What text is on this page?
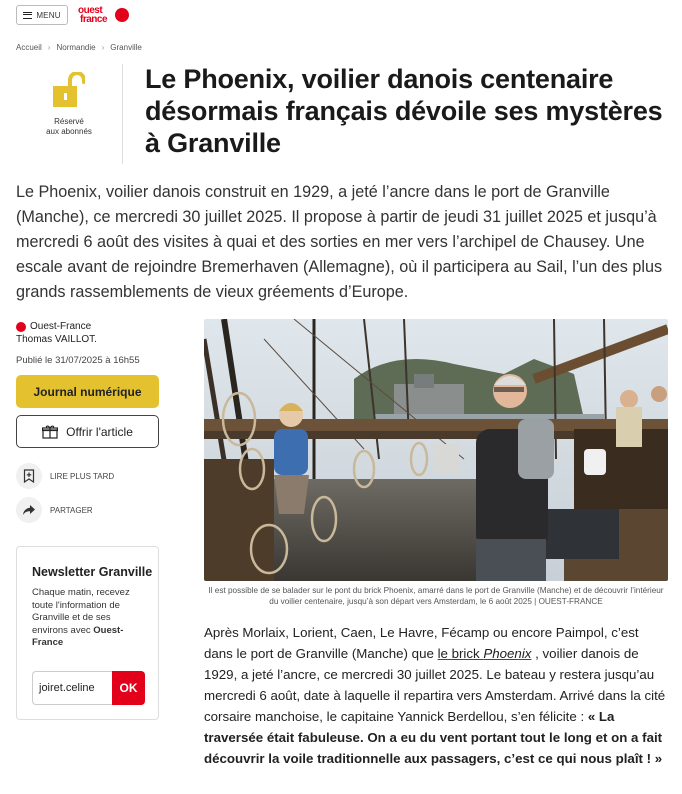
MENU ouest
france
Accueil › Normandie › Granville
Réservé
aux abonnés
Le Phoenix, voilier danois centenaire désormais français dévoile ses mystères à Granville

Le Phoenix, voilier danois construit en 1929, a jeté l’ancre dans le port de Granville (Manche), ce mercredi 30 juillet 2025. Il propose à partir de jeudi 31 juillet 2025 et jusqu’à mercredi 6 août des visites à quai et des sorties en mer vers l’archipel de Chausey. Une escale avant de rejoindre Bremerhaven (Allemagne), où il participera au Sail, l’un des plus grands rassemblements de vieux gréements d’Europe.

Ouest-France
Thomas VAILLOT.
Publié le 31/07/2025 à 16h55
Journal numérique
Offrir l'article
LIRE PLUS TARD
PARTAGER
Newsletter Granville
Chaque matin, recevez toute l'information de Granville et de ses environs avec Ouest-France
joiret.celine	OK
Il est possible de se balader sur le pont du brick Phoenix, amarré dans le port de Granville (Manche) et de découvrir l’intérieur du voilier centenaire, jusqu’à son départ vers Amsterdam, le 6 août 2025 | OUEST-FRANCE
Après Morlaix, Lorient, Caen, Le Havre, Fécamp ou encore Paimpol, c’est dans le port de Granville (Manche) que le brick Phoenix , voilier danois de 1929, a jeté l’ancre, ce mercredi 30 juillet 2025. Le bateau y restera jusqu’au mercredi 6 août, date à laquelle il repartira vers Amsterdam. Arrivé dans la cité corsaire manchoise, le capitaine Yannick Berdellou, s’en félicite : « La traversée était fabuleuse. On a eu du vent portant tout le long et on a fait découvrir la voile traditionnelle aux passagers, c’est ce qui nous plaît ! »
